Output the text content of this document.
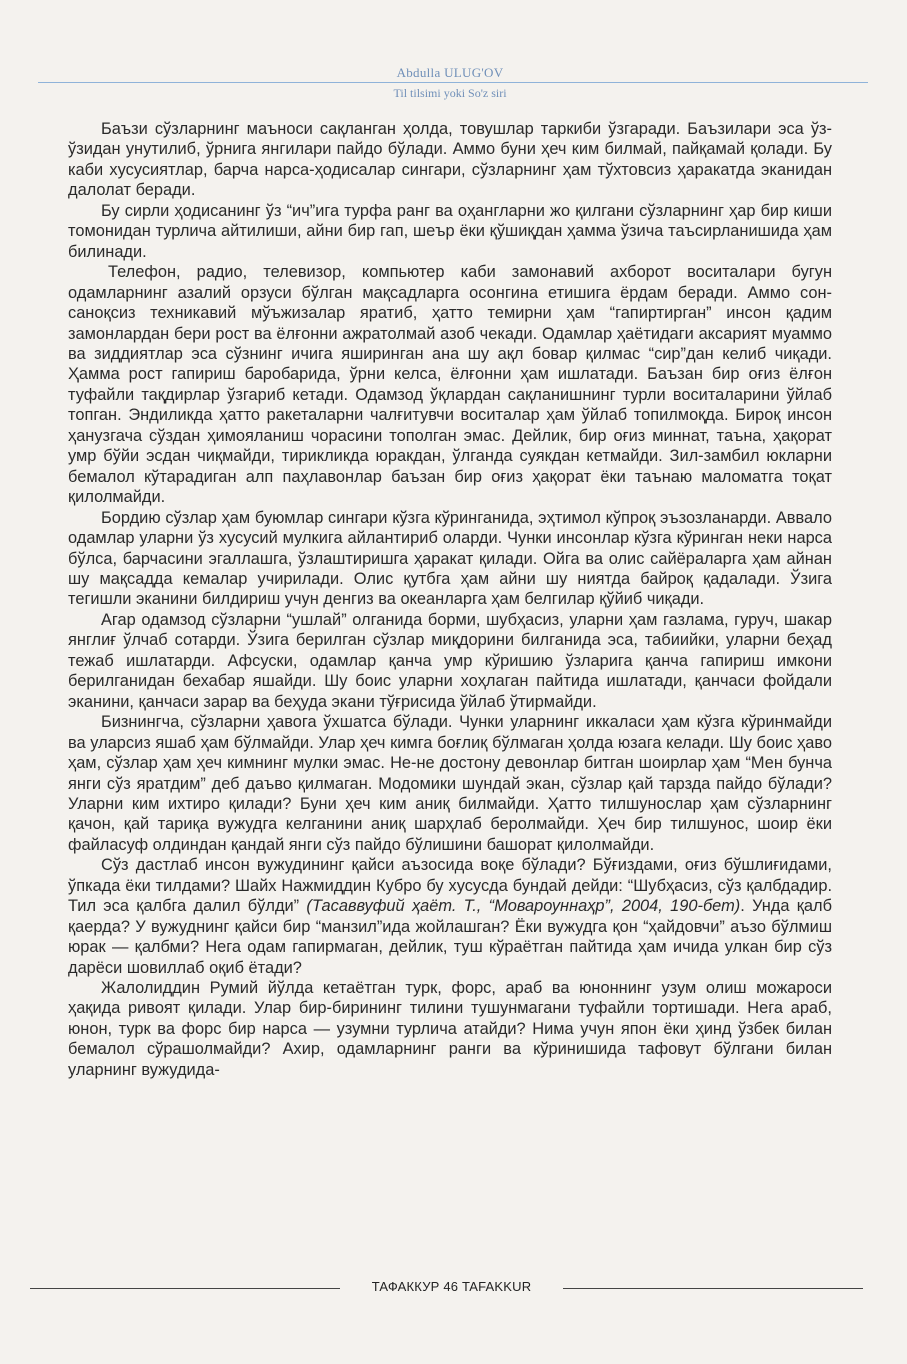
Abdulla ULUG'OV
Til tilsimi yoki So'z siri

Баъзи сўзларнинг маъноси сақланган ҳолда, товушлар таркиби ўзгаради. Баъзилари эса ўз-ўзидан унутилиб, ўрнига янгилари пайдо бўлади. Аммо буни ҳеч ким билмай, пайқамай қолади. Бу каби хусусиятлар, барча нарса-ҳодисалар сингари, сўзларнинг ҳам тўхтовсиз ҳаракатда эканидан далолат беради.

Бу сирли ҳодисанинг ўз “ич”ига турфа ранг ва оҳангларни жо қилгани сўзларнинг ҳар бир киши томонидан турлича айтилиши, айни бир гап, шеър ёки қўшиқдан ҳамма ўзича таъсирланишида ҳам билинади.

Телефон, радио, телевизор, компьютер каби замонавий ахборот воситалари бугун одамларнинг азалий орзуси бўлган мақсадларга осонгина етишига ёрдам беради. Аммо сон-саноқсиз техникавий мўъжизалар яратиб, ҳатто темирни ҳам “гапиртирган” инсон қадим замонлардан бери рост ва ёлғонни ажратолмай азоб чекади. Одамлар ҳаётидаги аксарият муаммо ва зиддиятлар эса сўзнинг ичига яширинган ана шу ақл бовар қилмас “сир”дан келиб чиқади. Ҳамма рост гапириш баробарида, ўрни келса, ёлғонни ҳам ишлатади. Баъзан бир оғиз ёлғон туфайли тақдирлар ўзгариб кетади. Одамзод ўқлардан сақланишнинг турли воситаларини ўйлаб топган. Эндиликда ҳатто ракеталарни чалғитувчи воситалар ҳам ўйлаб топилмоқда. Бироқ инсон ҳанузгача сўздан ҳимояланиш чорасини тополган эмас. Дейлик, бир оғиз миннат, таъна, ҳақорат умр бўйи эсдан чиқмайди, тирикликда юракдан, ўлганда суякдан кетмайди. Зил-замбил юкларни бемалол кўтарадиган алп паҳлавонлар баъзан бир оғиз ҳақорат ёки таънаю маломатга тоқат қилолмайди.

Бордию сўзлар ҳам буюмлар сингари кўзга кўринганида, эҳтимол кўпроқ эъзозланарди. Аввало одамлар уларни ўз хусусий мулкига айлантириб оларди. Чунки инсонлар кўзга кўринган неки нарса бўлса, барчасини эгаллашга, ўзлаштиришга ҳаракат қилади. Ойга ва олис сайёраларга ҳам айнан шу мақсадда кемалар учирилади. Олис қутбга ҳам айни шу ниятда байроқ қадалади. Ўзига тегишли эканини билдириш учун денгиз ва океанларга ҳам белгилар қўйиб чиқади.

Агар одамзод сўзларни “ушлай” олганида борми, шубҳасиз, уларни ҳам газлама, гуруч, шакар янглиғ ўлчаб сотарди. Ўзига берилган сўзлар миқдорини билганида эса, табиийки, уларни беҳад тежаб ишлатарди. Афсуски, одамлар қанча умр кўришию ўзларига қанча гапириш имкони берилганидан бехабар яшайди. Шу боис уларни хоҳлаган пайтида ишлатади, қанчаси фойдали эканини, қанчаси зарар ва беҳуда экани тўғрисида ўйлаб ўтирмайди.

Бизнингча, сўзларни ҳавога ўхшатса бўлади. Чунки уларнинг иккаласи ҳам кўзга кўринмайди ва уларсиз яшаб ҳам бўлмайди. Улар ҳеч кимга боғлиқ бўлмаган ҳолда юзага келади. Шу боис ҳаво ҳам, сўзлар ҳам ҳеч кимнинг мулки эмас. Не-не достону девонлар битган шоирлар ҳам “Мен бунча янги сўз яратдим” деб даъво қилмаган. Модомики шундай экан, сўзлар қай тарзда пайдо бўлади? Уларни ким ихтиро қилади? Буни ҳеч ким аниқ билмайди. Ҳатто тилшунослар ҳам сўзларнинг қачон, қай тариқа вужудга келганини аниқ шарҳлаб беролмайди. Ҳеч бир тилшунос, шоир ёки файласуф олдиндан қандай янги сўз пайдо бўлишини башорат қилолмайди.

Сўз дастлаб инсон вужудининг қайси аъзосида воқе бўлади? Бўғиздами, оғиз бўшлиғидами, ўпкада ёки тилдами? Шайх Нажмиддин Кубро бу хусусда бундай дейди: “Шубҳасиз, сўз қалбдадир. Тил эса қалбга далил бўлди” (Тасаввуфий ҳаёт. Т., “Мовароуннаҳр”, 2004, 190-бет). Унда қалб қаерда? У вужуднинг қайси бир “манзил”ида жойлашган? Ёки вужудга қон “ҳайдовчи” аъзо бўлмиш юрак — қалбми? Нега одам гапирмаган, дейлик, туш кўраётган пайтида ҳам ичида улкан бир сўз дарёси шовиллаб оқиб ётади?

Жалолиддин Румий йўлда кетаётган турк, форс, араб ва юноннинг узум олиш можароси ҳақида ривоят қилади. Улар бир-бирининг тилини тушунмагани туфайли тортишади. Нега араб, юнон, турк ва форс бир нарса — узумни турлича атайди? Нима учун япон ёки ҳинд ўзбек билан бемалол сўрашолмайди? Ахир, одамларнинг ранги ва кўринишида тафовут бўлгани билан уларнинг вужудида-

ТАФАККУР 46 TAFAKKUR
